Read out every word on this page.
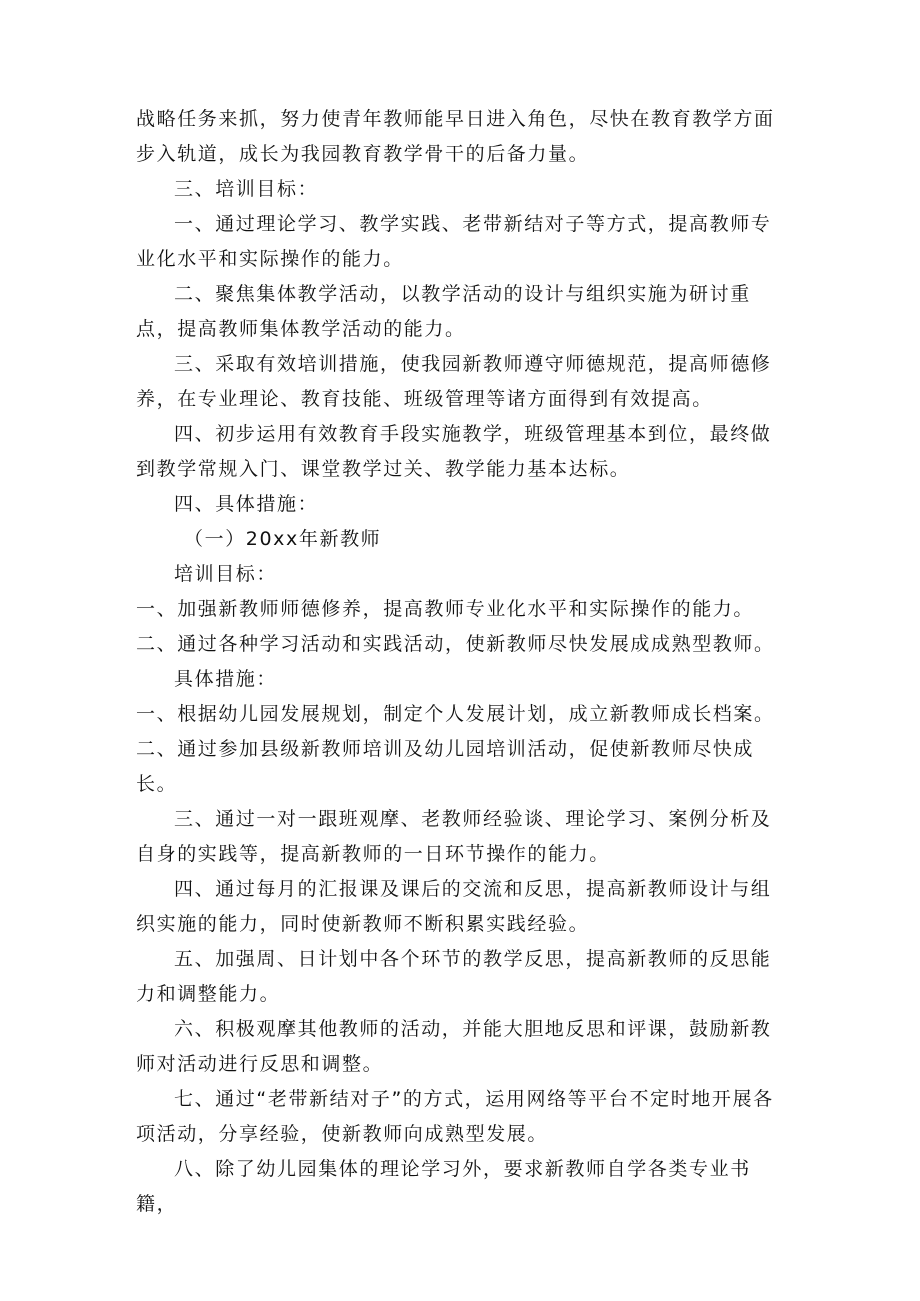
战略任务来抓，努力使青年教师能早日进入角色，尽快在教育教学方面步入轨道，成长为我园教育教学骨干的后备力量。

三、培训目标：

一、通过理论学习、教学实践、老带新结对子等方式，提高教师专业化水平和实际操作的能力。

二、聚焦集体教学活动，以教学活动的设计与组织实施为研讨重点，提高教师集体教学活动的能力。

三、采取有效培训措施，使我园新教师遵守师德规范，提高师德修养，在专业理论、教育技能、班级管理等诸方面得到有效提高。

四、初步运用有效教育手段实施教学，班级管理基本到位，最终做到教学常规入门、课堂教学过关、教学能力基本达标。

四、具体措施：

（一）20xx年新教师

培训目标：

一、加强新教师师德修养，提高教师专业化水平和实际操作的能力。

二、通过各种学习活动和实践活动，使新教师尽快发展成成熟型教师。

具体措施：

一、根据幼儿园发展规划，制定个人发展计划，成立新教师成长档案。

二、通过参加县级新教师培训及幼儿园培训活动，促使新教师尽快成长。

三、通过一对一跟班观摩、老教师经验谈、理论学习、案例分析及自身的实践等，提高新教师的一日环节操作的能力。

四、通过每月的汇报课及课后的交流和反思，提高新教师设计与组织实施的能力，同时使新教师不断积累实践经验。

五、加强周、日计划中各个环节的教学反思，提高新教师的反思能力和调整能力。

六、积极观摩其他教师的活动，并能大胆地反思和评课，鼓励新教师对活动进行反思和调整。

七、通过“老带新结对子”的方式，运用网络等平台不定时地开展各项活动，分享经验，使新教师向成熟型发展。

八、除了幼儿园集体的理论学习外，要求新教师自学各类专业书籍，
